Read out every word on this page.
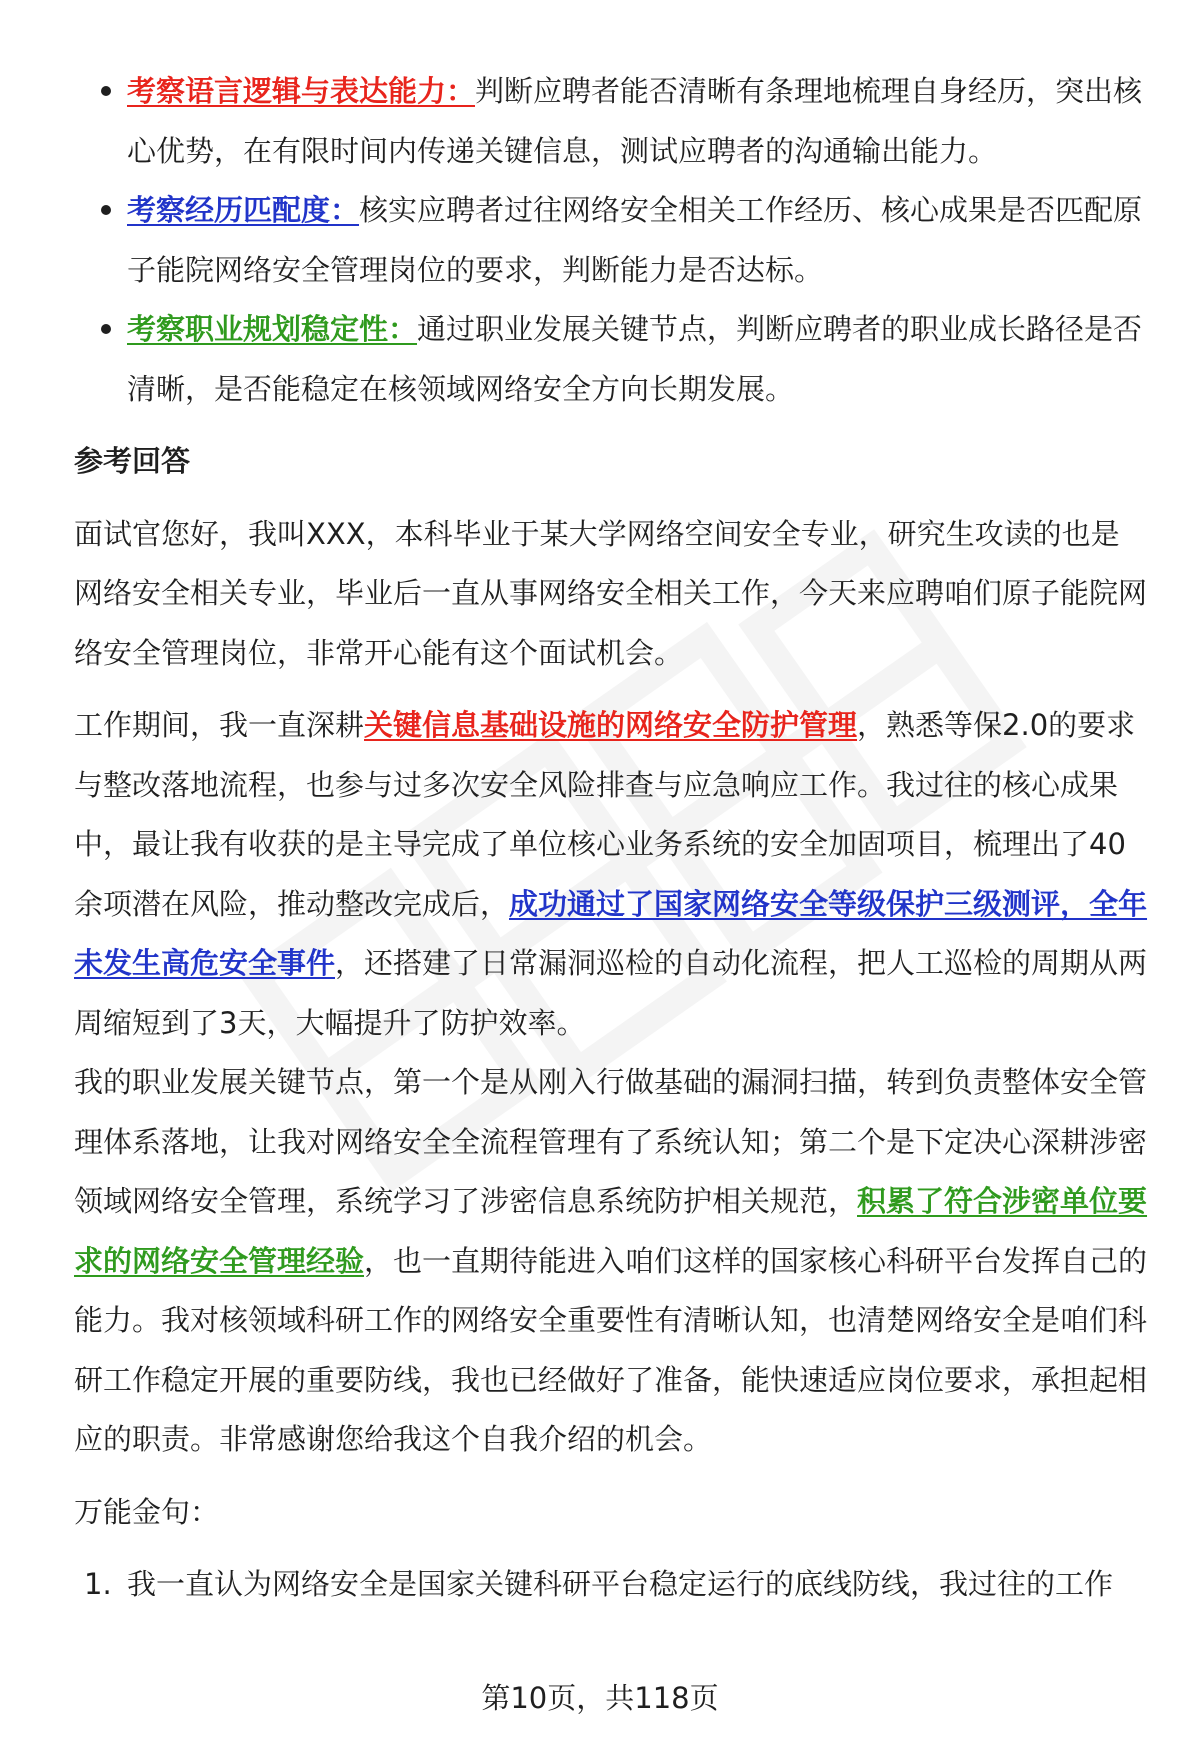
考察语言逻辑与表达能力：判断应聘者能否清晰有条理地梳理自身经历，突出核心优势，在有限时间内传递关键信息，测试应聘者的沟通输出能力。
考察经历匹配度：核实应聘者过往网络安全相关工作经历、核心成果是否匹配原子能院网络安全管理岗位的要求，判断能力是否达标。
考察职业规划稳定性：通过职业发展关键节点，判断应聘者的职业成长路径是否清晰，是否能稳定在核领域网络安全方向长期发展。
参考回答

面试官您好，我叫XXX，本科毕业于某大学网络空间安全专业，研究生攻读的也是网络安全相关专业，毕业后一直从事网络安全相关工作，今天来应聘咱们原子能院网络安全管理岗位，非常开心能有这个面试机会。

工作期间，我一直深耕关键信息基础设施的网络安全防护管理，熟悉等保2.0的要求与整改落地流程，也参与过多次安全风险排查与应急响应工作。我过往的核心成果中，最让我有收获的是主导完成了单位核心业务系统的安全加固项目，梳理出了40余项潜在风险，推动整改完成后，成功通过了国家网络安全等级保护三级测评，全年未发生高危安全事件，还搭建了日常漏洞巡检的自动化流程，把人工巡检的周期从两周缩短到了3天，大幅提升了防护效率。

我的职业发展关键节点，第一个是从刚入行做基础的漏洞扫描，转到负责整体安全管理体系落地，让我对网络安全全流程管理有了系统认知；第二个是下定决心深耕涉密领域网络安全管理，系统学习了涉密信息系统防护相关规范，积累了符合涉密单位要求的网络安全管理经验，也一直期待能进入咱们这样的国家核心科研平台发挥自己的能力。我对核领域科研工作的网络安全重要性有清晰认知，也清楚网络安全是咱们科研工作稳定开展的重要防线，我也已经做好了准备，能快速适应岗位要求，承担起相应的职责。非常感谢您给我这个自我介绍的机会。

万能金句：

1. 我一直认为网络安全是国家关键科研平台稳定运行的底线防线，我过往的工作
第10页，共118页
